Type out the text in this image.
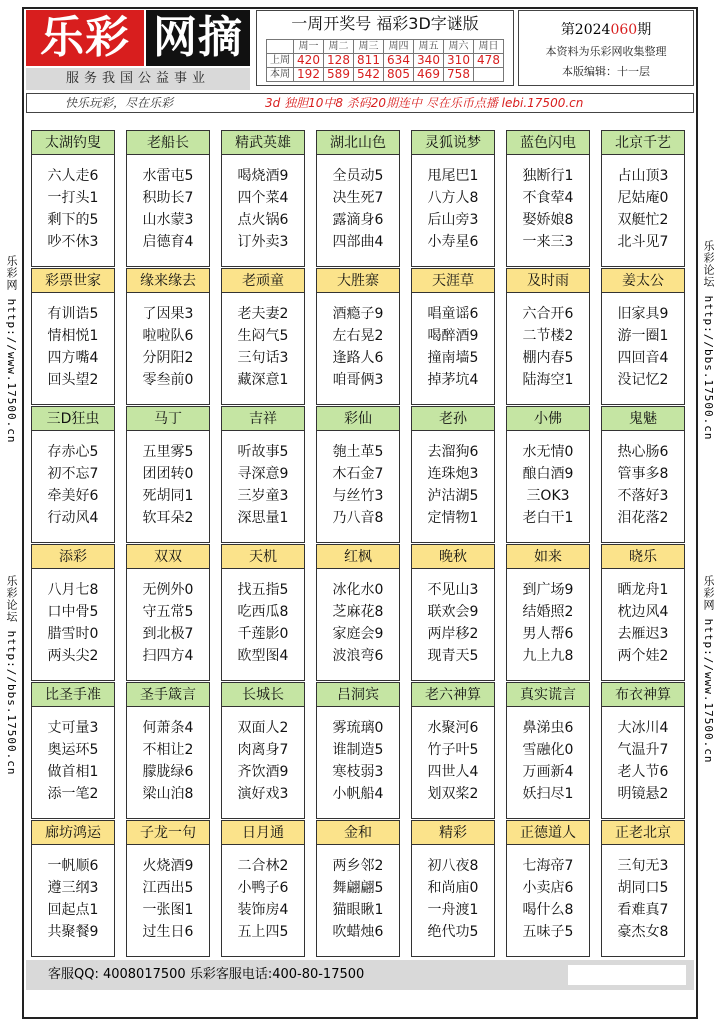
乐彩 网摘
服务我国公益事业
一周开奖号 福彩3D字谜版
	周一	周二	周三	周四	周五	周六	周日
上周	420	128	811	634	340	310	478
本周	192	589	542	805	469	758	
第2024060期
本资料为乐彩网收集整理
本版编辑：十一层
快乐玩彩，尽在乐彩	3d 独胆10中8 杀码20期连中 尽在乐币点播 lebi.17500.cn
乐彩网 http://www.17500.cn
乐彩论坛 http://bbs.17500.cn
乐彩论坛 http://bbs.17500.cn
乐彩网 http://www.17500.cn
太湖钓叟
六人走6
一打头1
剩下的5
吵不休3
老船长
水雷屯5
积助长7
山水蒙3
启德育4
精武英雄
喝烧酒9
四个菜4
点火锅6
订外卖3
湖北山色
全员动5
决生死7
露滴身6
四部曲4
灵狐说梦
甩尾巴1
八方人8
后山旁3
小寿星6
蓝色闪电
独断行1
不食荤4
娶娇娘8
一来三3
北京千艺
占山顶3
尼姑庵0
双艇忙2
北斗见7
彩票世家
有训诰5
情相悦1
四方嘴4
回头望2
缘来缘去
了因果3
啦啦队6
分阴阳2
零叁前0
老顽童
老夫妻2
生闷气5
三句话3
藏深意1
大胜寨
酒瘾子9
左右晃2
逢路人6
咱哥俩3
天涯草
唱童谣6
喝醉酒9
撞南墙5
掉茅坑4
及时雨
六合开6
二节楼2
棚内春5
陆海空1
姜太公
旧家具9
游一圈1
四回音4
没记忆2
三D狂虫
存赤心5
初不忘7
牵美好6
行动风4
马丁
五里雾5
团团转0
死胡同1
软耳朵2
吉祥
听故事5
寻深意9
三岁童3
深思量1
彩仙
匏土革5
木石金7
与丝竹3
乃八音8
老孙
去溜狗6
连珠炮3
泸沽湖5
定情物1
小佛
水无情0
酿白酒9
三OK3
老白干1
鬼魅
热心肠6
管事多8
不落好3
泪花落2
添彩
八月七8
口中骨5
腊雪时0
两头尖2
双双
无例外0
守五常5
到北极7
扫四方4
天机
找五指5
吃西瓜8
千莲影0
欧型图4
红枫
冰化水0
芝麻花8
家庭会9
波浪弯6
晚秋
不见山3
联欢会9
两岸移2
现青天5
如来
到广场9
结婚照2
男人帮6
九上九8
晓乐
晒龙舟1
枕边风4
去雁迟3
两个娃2
比圣手准
丈可量3
奥运环5
做首相1
添一笔2
圣手箴言
何萧条4
不相让2
朦胧绿6
梁山泊8
长城长
双面人2
肉离身7
齐饮酒9
演好戏3
吕洞宾
雾琉璃0
谁制造5
寒枝弱3
小帆船4
老六神算
水聚河6
竹子叶5
四世人4
划双桨2
真实谎言
鼻涕虫6
雪融化0
万画新4
妖扫尽1
布衣神算
大冰川4
气温升7
老人节6
明镜悬2
廊坊鸿运
一帆顺6
遵三纲3
回起点1
共聚餐9
子龙一句
火烧酒9
江西出5
一张图1
过生日6
日月通
二合林2
小鸭子6
装饰房4
五上四5
金和
两乡邻2
舞翩翩5
猫眼瞅1
吹蜡烛6
精彩
初八夜8
和尚庙0
一舟渡1
绝代功5
正德道人
七海帝7
小卖店6
喝什么8
五味子5
正老北京
三旬无3
胡同口5
看难真7
豪杰女8
客服QQ: 4008017500 乐彩客服电话:400-80-17500
